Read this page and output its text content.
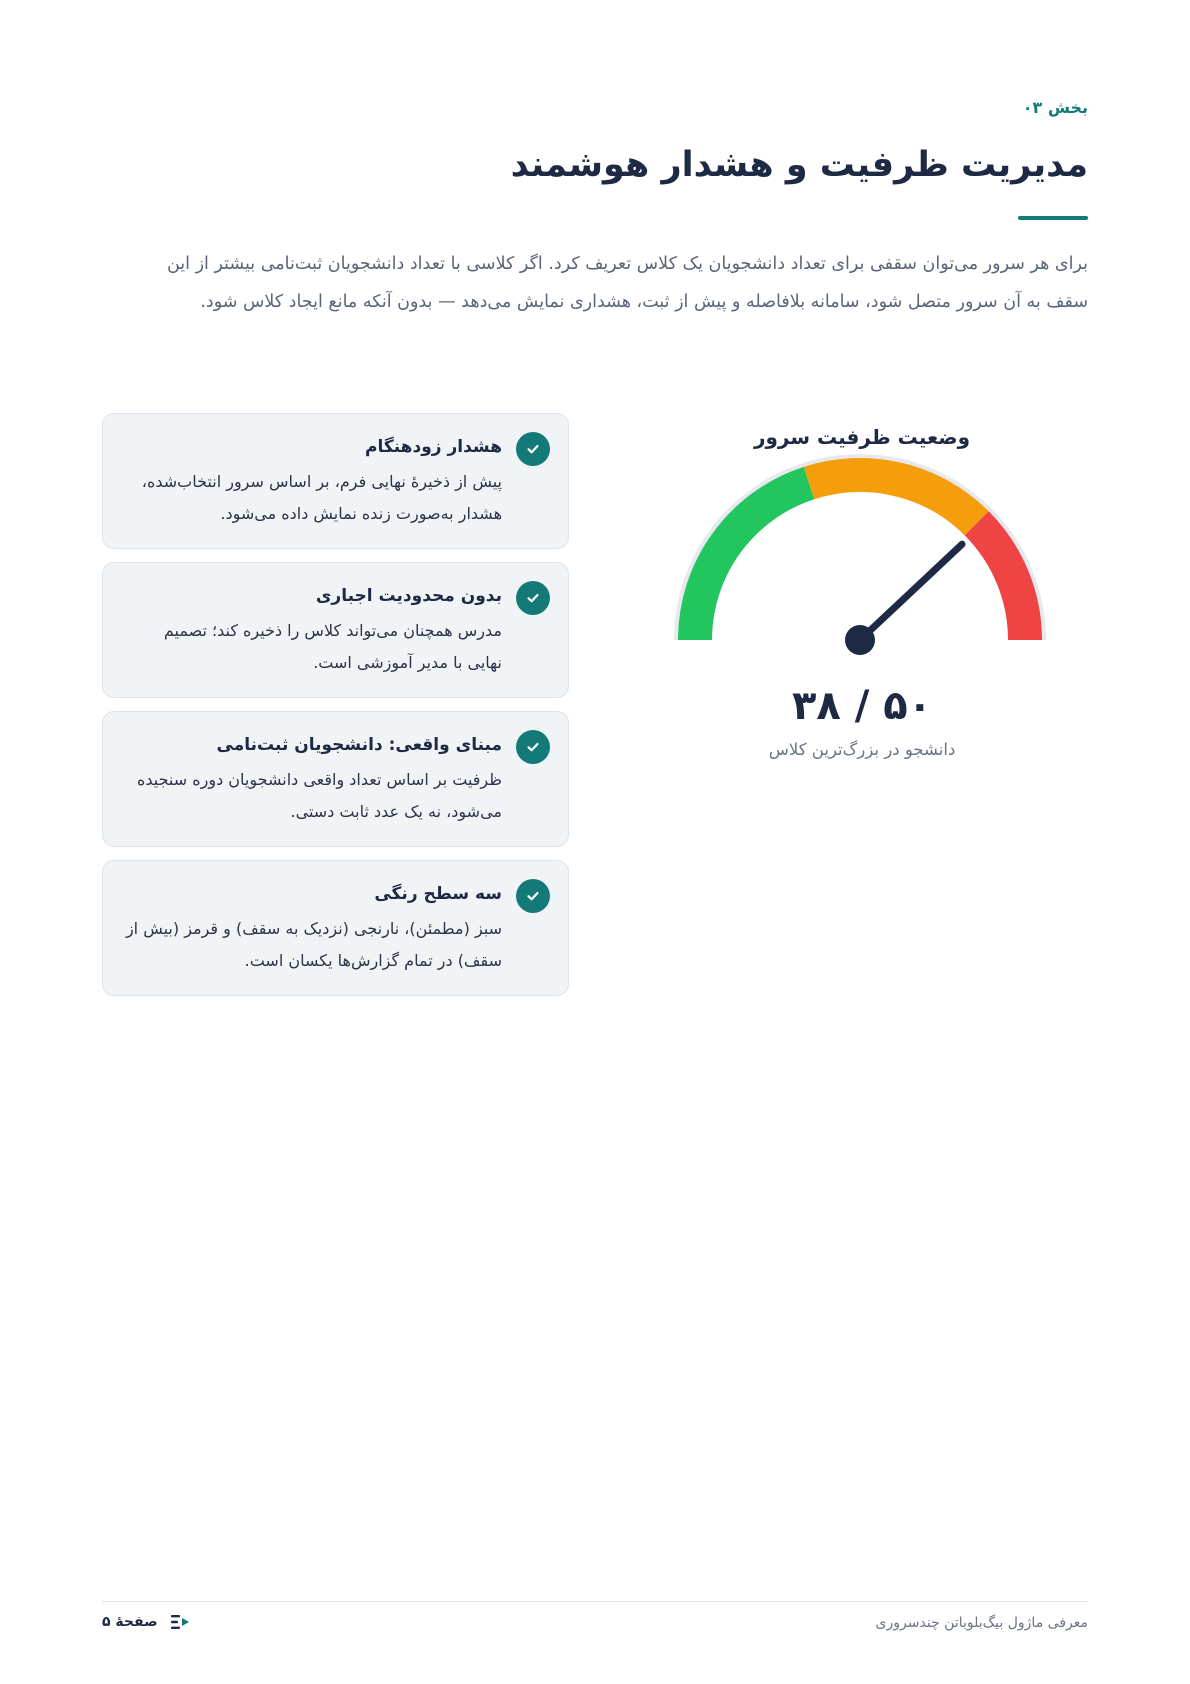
بخش ۰۳
مدیریت ظرفیت و هشدار هوشمند

برای هر سرور می‌توان سقفی برای تعداد دانشجویان یک کلاس تعریف کرد. اگر کلاسی با تعداد دانشجویان ثبت‌نامی بیشتر از این سقف به آن سرور متصل شود، سامانه بلافاصله و پیش از ثبت، هشداری نمایش می‌دهد — بدون آنکه مانع ایجاد کلاس شود.

وضعیت ظرفیت سرور
۵۰ / ۳۸
دانشجو در بزرگ‌ترین کلاس
هشدار زودهنگام
پیش از ذخیرهٔ نهایی فرم، بر اساس سرور انتخاب‌شده، هشدار به‌صورت زنده نمایش داده می‌شود.
بدون محدودیت اجباری
مدرس همچنان می‌تواند کلاس را ذخیره کند؛ تصمیم نهایی با مدیر آموزشی است.
مبنای واقعی: دانشجویان ثبت‌نامی
ظرفیت بر اساس تعداد واقعی دانشجویان دوره سنجیده می‌شود، نه یک عدد ثابت دستی.
سه سطح رنگی
سبز (مطمئن)، نارنجی (نزدیک به سقف) و قرمز (بیش از سقف) در تمام گزارش‌ها یکسان است.
صفحهٔ ۵	معرفی ماژول بیگ‌بلوباتن چندسروری
